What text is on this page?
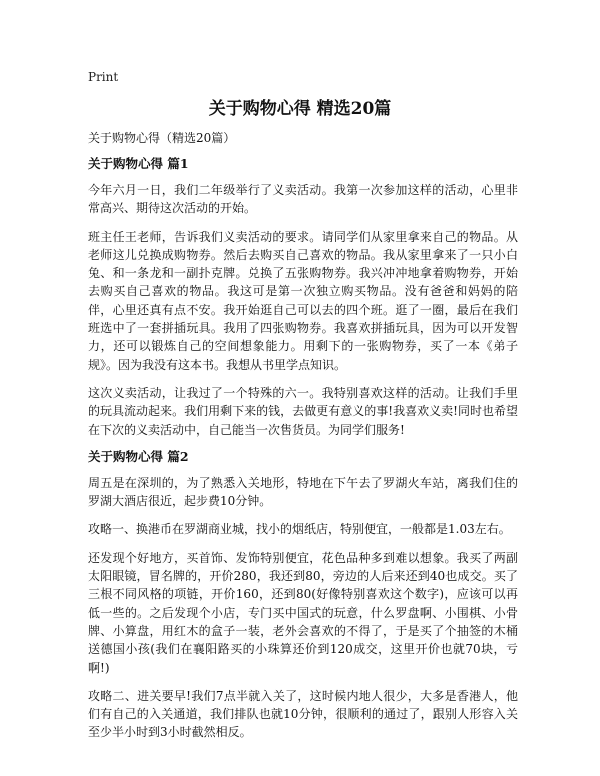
Print
关于购物心得 精选20篇

关于购物心得（精选20篇）

关于购物心得 篇1

今年六月一日，我们二年级举行了义卖活动。我第一次参加这样的活动，心里非常高兴、期待这次活动的开始。

班主任王老师，告诉我们义卖活动的要求。请同学们从家里拿来自己的物品。从老师这儿兑换成购物券。然后去购买自己喜欢的物品。我从家里拿来了一只小白兔、和一条龙和一副扑克牌。兑换了五张购物券。我兴冲冲地拿着购物券，开始去购买自己喜欢的物品。我这可是第一次独立购买物品。没有爸爸和妈妈的陪伴，心里还真有点不安。我开始逛自己可以去的四个班。逛了一圈，最后在我们班选中了一套拼插玩具。我用了四张购物券。我喜欢拼插玩具，因为可以开发智力，还可以锻炼自己的空间想象能力。用剩下的一张购物券，买了一本《弟子规》。因为我没有这本书。我想从书里学点知识。

这次义卖活动，让我过了一个特殊的六一。我特别喜欢这样的活动。让我们手里的玩具流动起来。我们用剩下来的钱，去做更有意义的事!我喜欢义卖!同时也希望在下次的义卖活动中，自己能当一次售货员。为同学们服务!

关于购物心得 篇2

周五是在深圳的，为了熟悉入关地形，特地在下午去了罗湖火车站，离我们住的罗湖大酒店很近，起步费10分钟。

攻略一、换港币在罗湖商业城，找小的烟纸店，特别便宜，一般都是1.03左右。

还发现个好地方，买首饰、发饰特别便宜，花色品种多到难以想象。我买了两副太阳眼镜，冒名牌的，开价280，我还到80，旁边的人后来还到40也成交。买了三根不同风格的项链，开价160，还到80(好像特别喜欢这个数字)，应该可以再低一些的。之后发现个小店，专门买中国式的玩意，什么罗盘啊、小围棋、小骨牌、小算盘，用红木的盒子一装，老外会喜欢的不得了，于是买了个抽签的木桶送德国小孩(我们在襄阳路买的小珠算还价到120成交，这里开价也就70块，亏啊!)

攻略二、进关要早!我们7点半就入关了，这时候内地人很少，大多是香港人，他们有自己的入关通道，我们排队也就10分钟，很顺利的通过了，跟别人形容入关至少半小时到3小时截然相反。
